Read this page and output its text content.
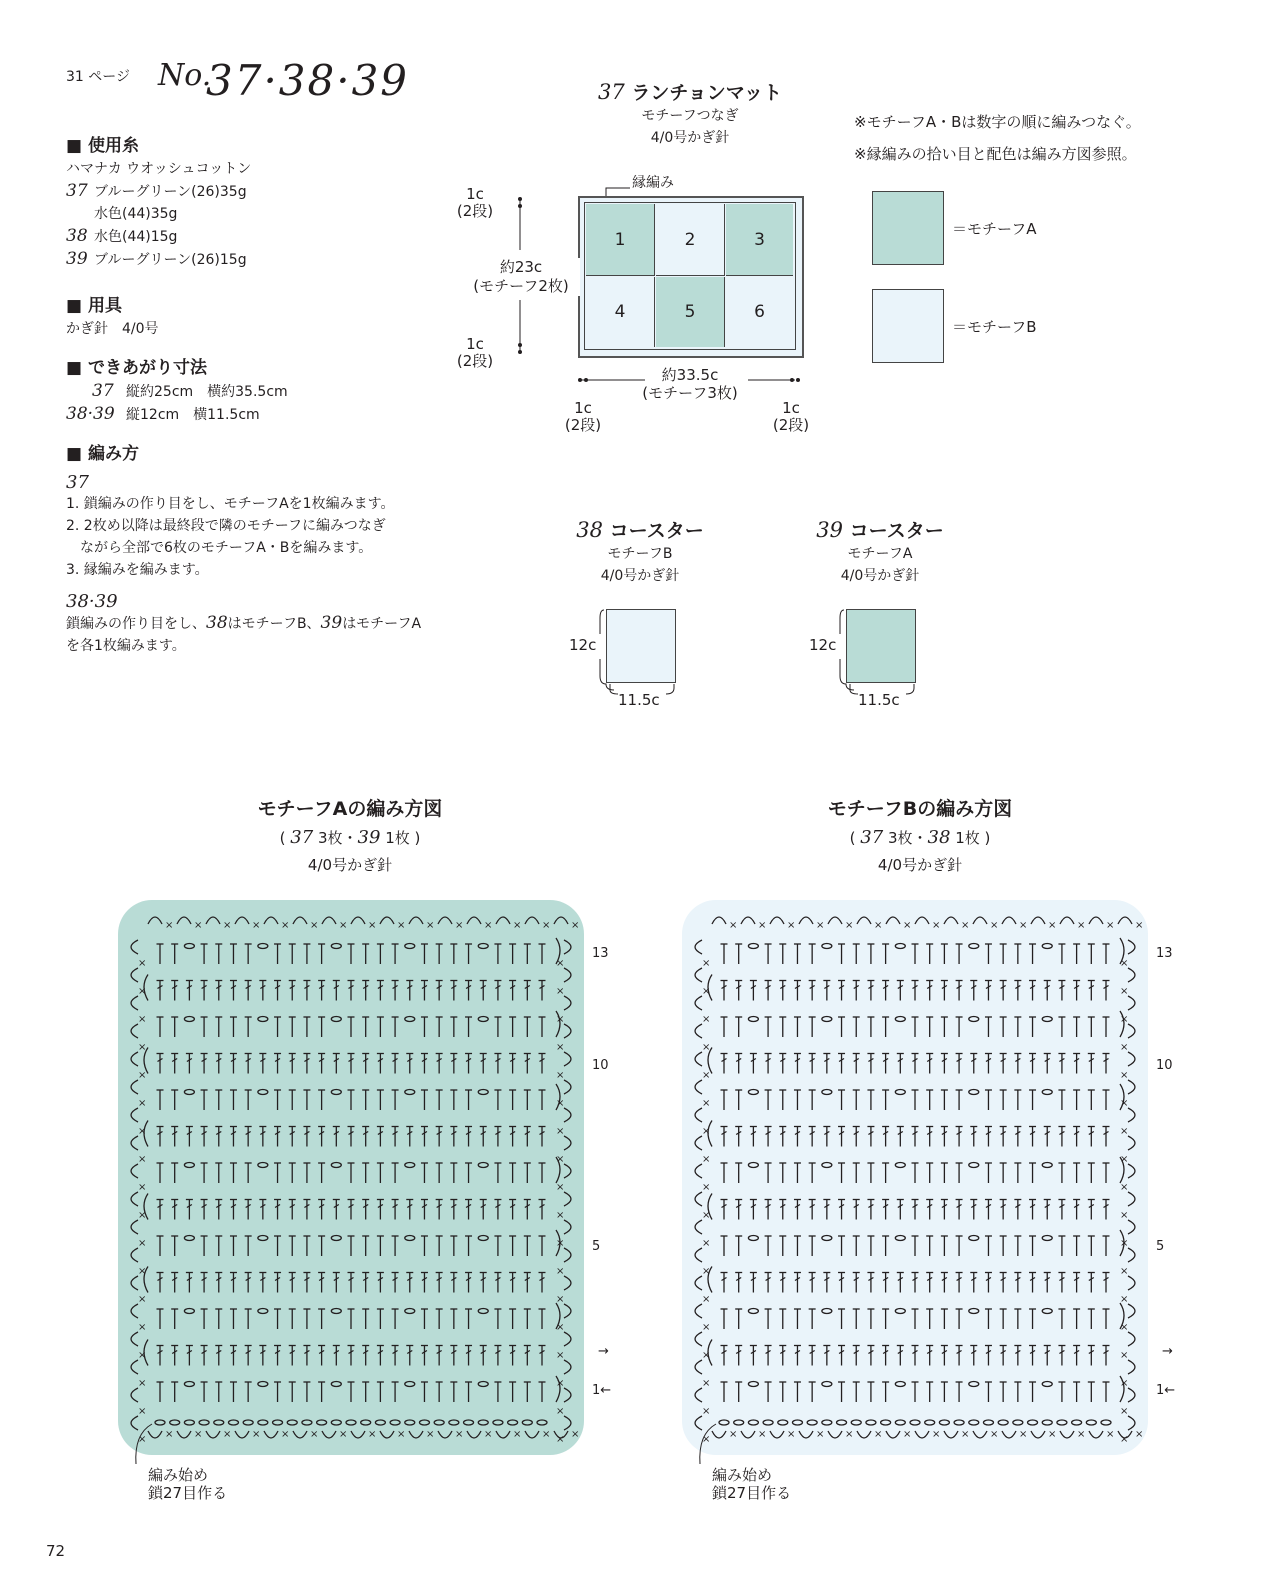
31 ページ No.
37·38·39
■ 使用糸
ハマナカ ウオッシュコットン
37 ブルーグリーン(26)35g
水色(44)35g
38 水色(44)15g
39 ブルーグリーン(26)15g
■ 用具
かぎ針　4/0号
■ できあがり寸法
37 縦約25cm　横約35.5cm
38·39 縦12cm　横11.5cm
■ 編み方
37
1. 鎖編みの作り目をし、モチーフAを1枚編みます。
2. 2枚め以降は最終段で隣のモチーフに編みつなぎ
　ながら全部で6枚のモチーフA・Bを編みます。
3. 縁編みを編みます。
38·39
鎖編みの作り目をし、38はモチーフB、39はモチーフA
を各1枚編みます。
37 ランチョンマット
モチーフつなぎ
4/0号かぎ針
縁編み
1	2	3
4	5	6
1c
(2段)
約23c
(モチーフ2枚)
1c
(2段)
約33.5c
(モチーフ3枚)
1c
(2段)
1c
(2段)
※モチーフA・Bは数字の順に編みつなぐ。
※縁編みの拾い目と配色は編み方図参照。
＝モチーフA
＝モチーフB
38 コースター
モチーフB
4/0号かぎ針
12c
11.5c
39 コースター
モチーフA
4/0号かぎ針
12c
11.5c
モチーフAの編み方図
( 37 3枚・39 1枚 )
4/0号かぎ針
×
×
×
×
×
×
×
×
×
×
×
×
×
×
×
×
×
×
×
×
×
×
×
×
×
×
×
×
×
×
×	×
×	×
×	×
×	×
×	×
×	×
×	×
×	×
×	×
×	×
×	×
×	×
×	×
×	×
×	×
×	×
×	×
×	×
13
10
5
→
1←
編み始め
鎖27目作る
モチーフBの編み方図
( 37 3枚・38 1枚 )
4/0号かぎ針
×
×
×
×
×
×
×
×
×
×
×
×
×
×
×
×
×
×
×
×
×
×
×
×
×
×
×
×
×
×
×	×
×	×
×	×
×	×
×	×
×	×
×	×
×	×
×	×
×	×
×	×
×	×
×	×
×	×
×	×
×	×
×	×
×	×
13
10
5
→
1←
編み始め
鎖27目作る
72
